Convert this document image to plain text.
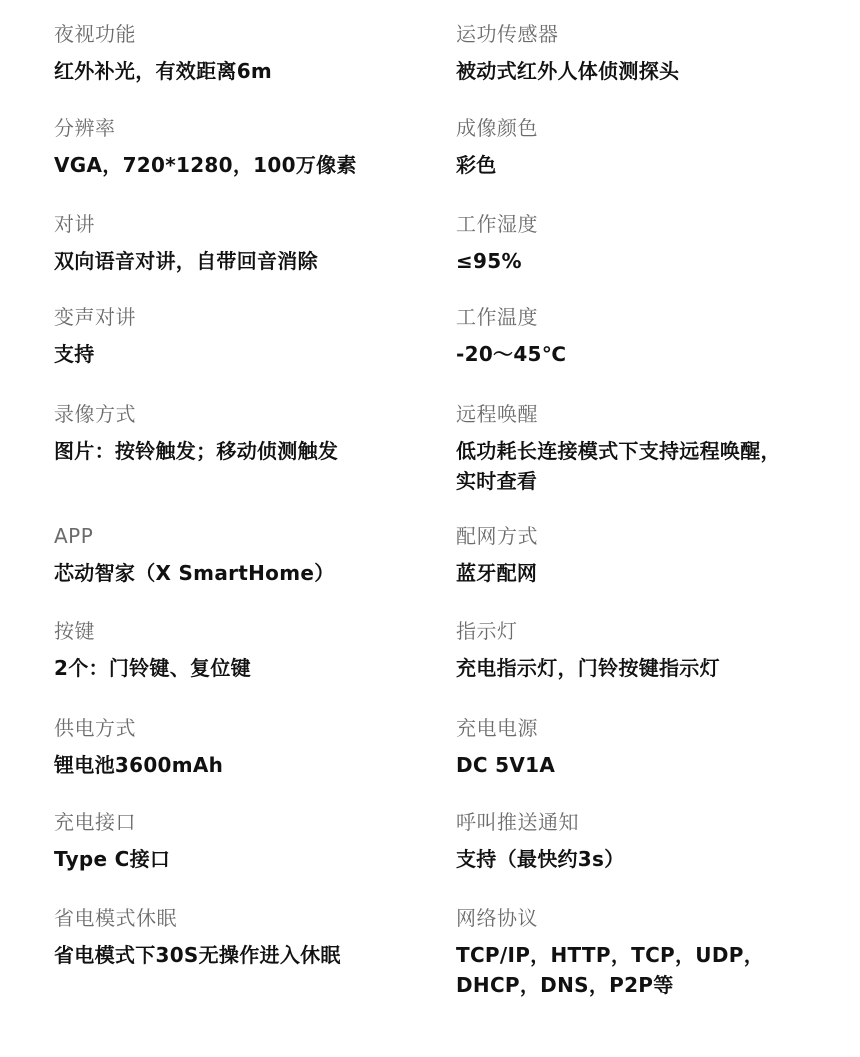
夜视功能
红外补光，有效距离6m
分辨率
VGA，720*1280，100万像素
对讲
双向语音对讲，自带回音消除
变声对讲
支持
录像方式
图片：按铃触发；移动侦测触发
APP
芯动智家（X SmartHome）
按键
2个：门铃键、复位键
供电方式
锂电池3600mAh
充电接口
Type C接口
省电模式休眠
省电模式下30S无操作进入休眠
运功传感器
被动式红外人体侦测探头
成像颜色
彩色
工作湿度
≤95%
工作温度
-20～45℃
远程唤醒
低功耗长连接模式下支持远程唤醒，
实时查看
配网方式
蓝牙配网
指示灯
充电指示灯，门铃按键指示灯
充电电源
DC 5V1A
呼叫推送通知
支持（最快约3s）
网络协议
TCP/IP，HTTP，TCP，UDP，
DHCP，DNS，P2P等
